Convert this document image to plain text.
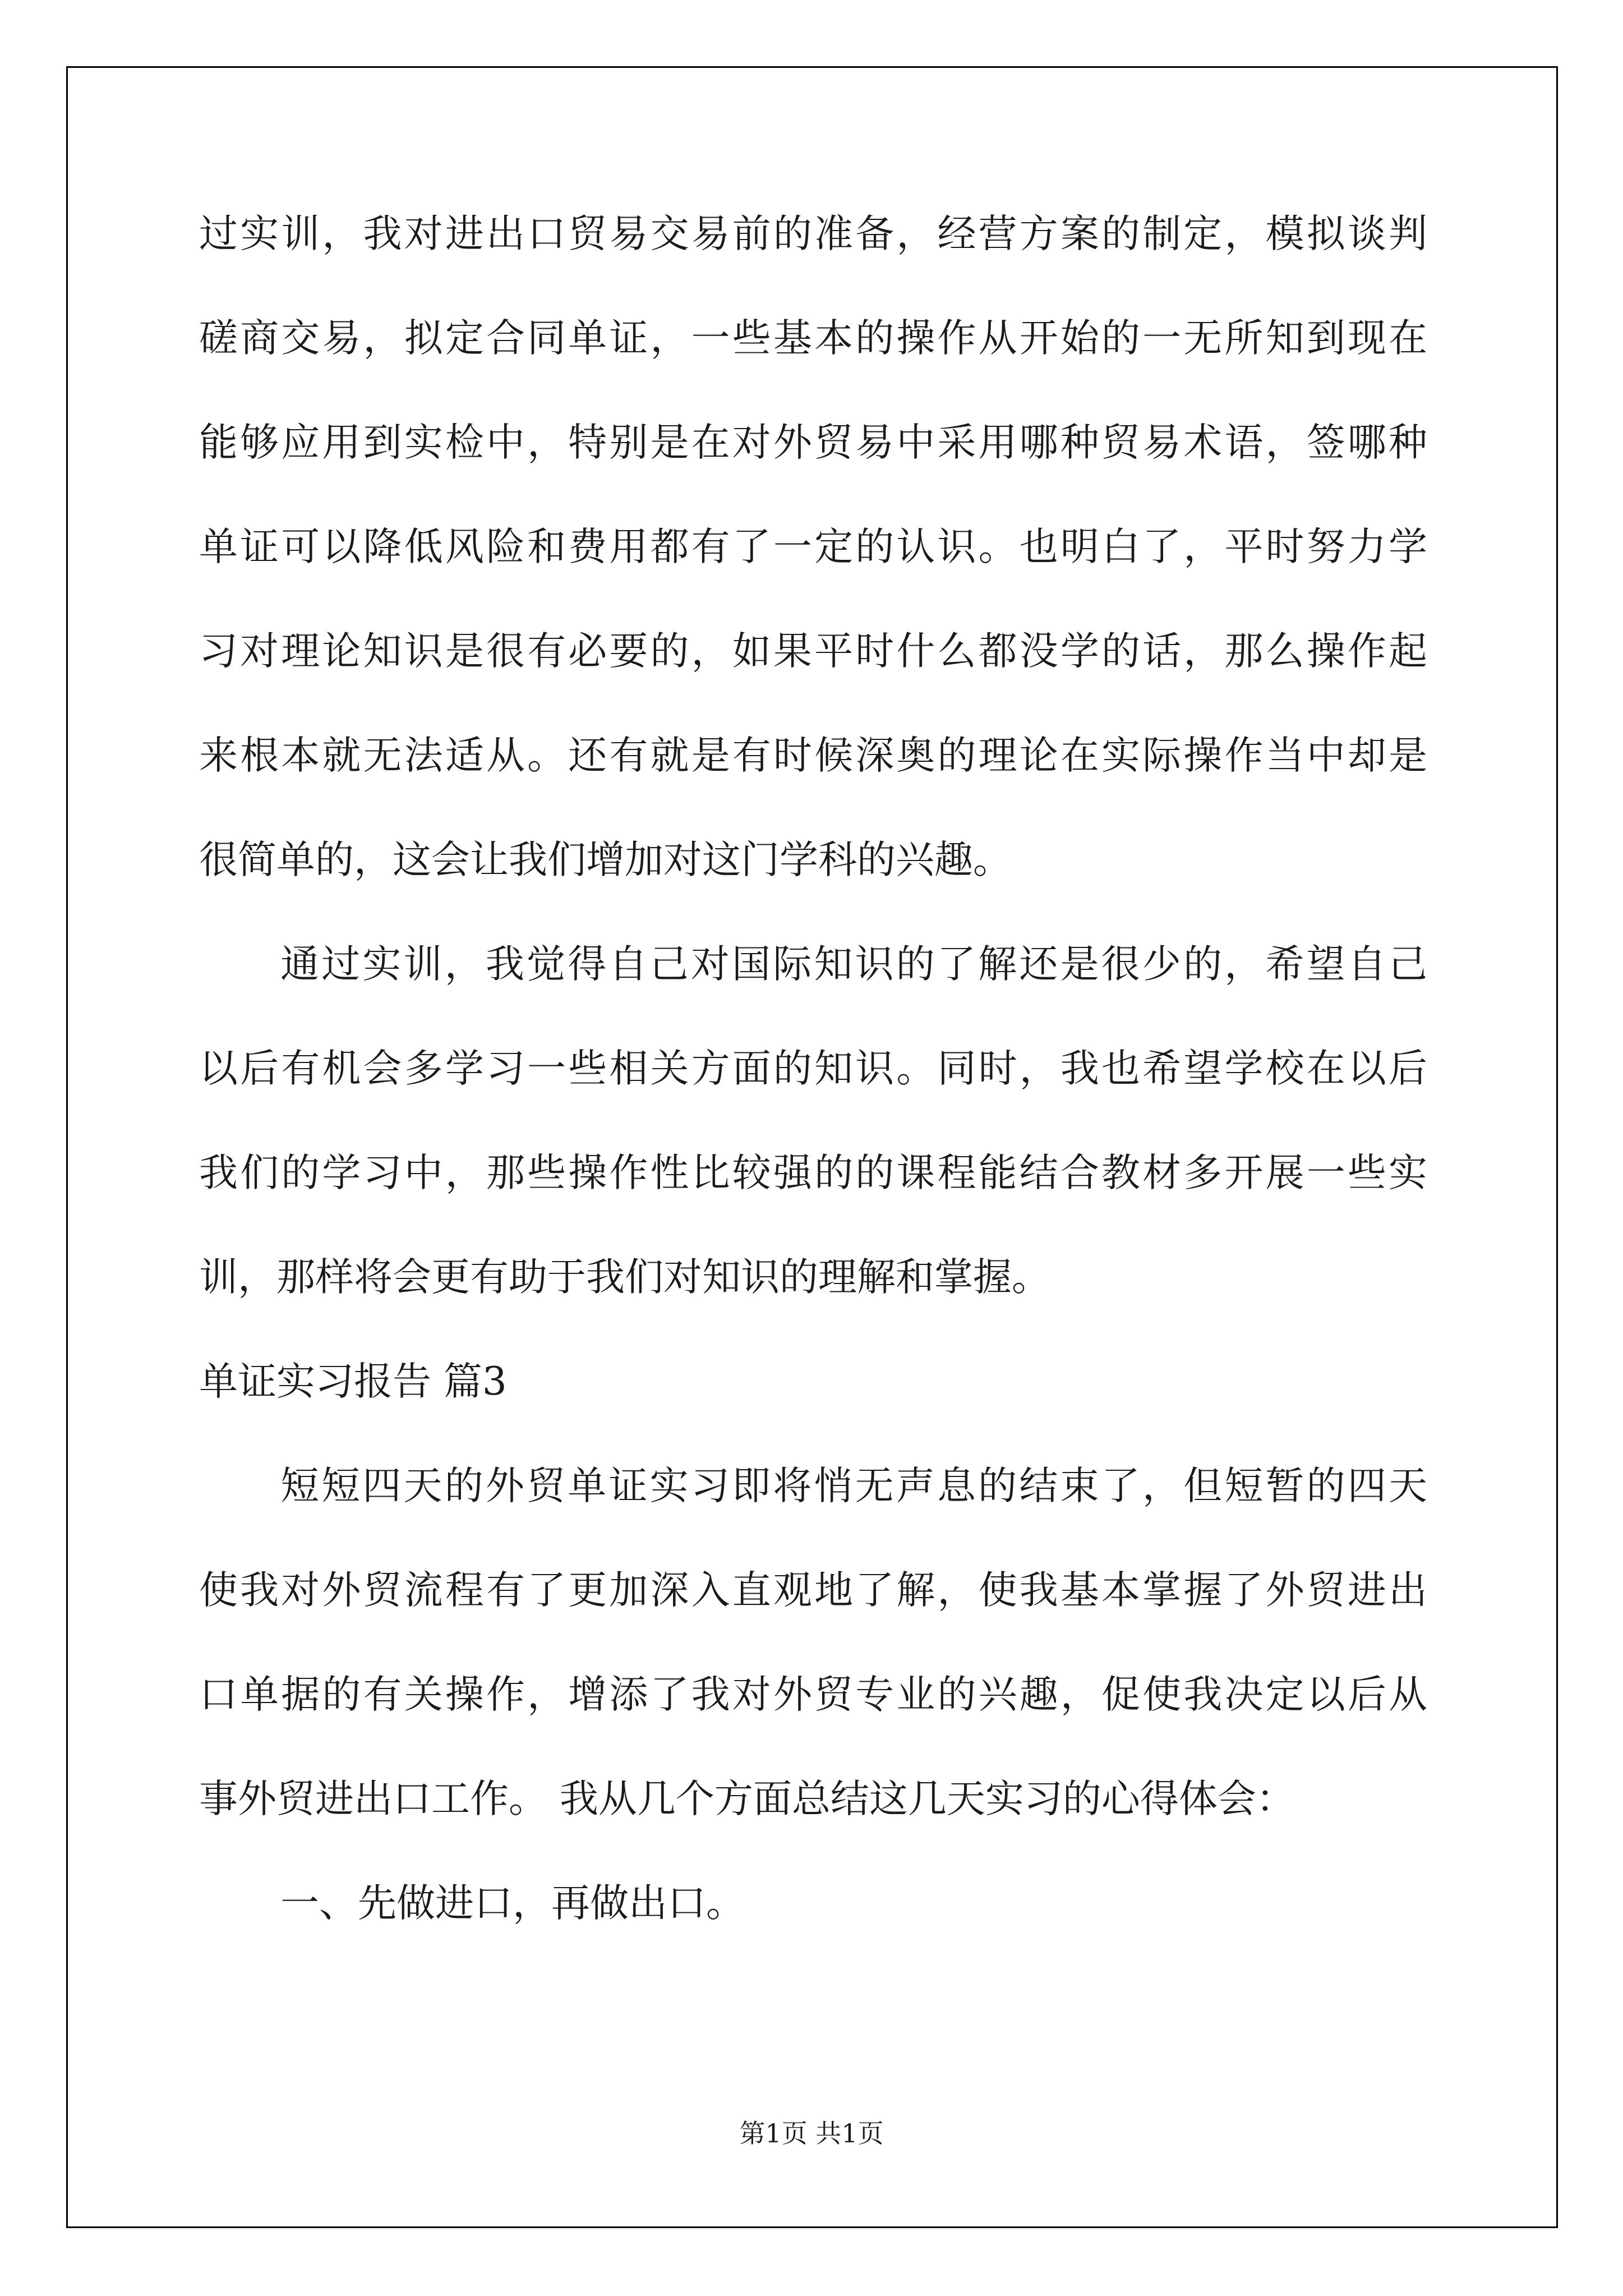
过实训，我对进出口贸易交易前的准备，经营方案的制定，模拟谈判
磋商交易，拟定合同单证，一些基本的操作从开始的一无所知到现在
能够应用到实检中，特别是在对外贸易中采用哪种贸易术语，签哪种
单证可以降低风险和费用都有了一定的认识。也明白了，平时努力学
习对理论知识是很有必要的，如果平时什么都没学的话，那么操作起
来根本就无法适从。还有就是有时候深奥的理论在实际操作当中却是
很简单的，这会让我们增加对这门学科的兴趣。
通过实训，我觉得自己对国际知识的了解还是很少的，希望自己
以后有机会多学习一些相关方面的知识。同时，我也希望学校在以后
我们的学习中，那些操作性比较强的的课程能结合教材多开展一些实
训，那样将会更有助于我们对知识的理解和掌握。
单证实习报告 篇3
短短四天的外贸单证实习即将悄无声息的结束了，但短暂的四天
使我对外贸流程有了更加深入直观地了解，使我基本掌握了外贸进出
口单据的有关操作，增添了我对外贸专业的兴趣，促使我决定以后从
事外贸进出口工作。 我从几个方面总结这几天实习的心得体会：
一、先做进口，再做出口。
第1页 共1页
